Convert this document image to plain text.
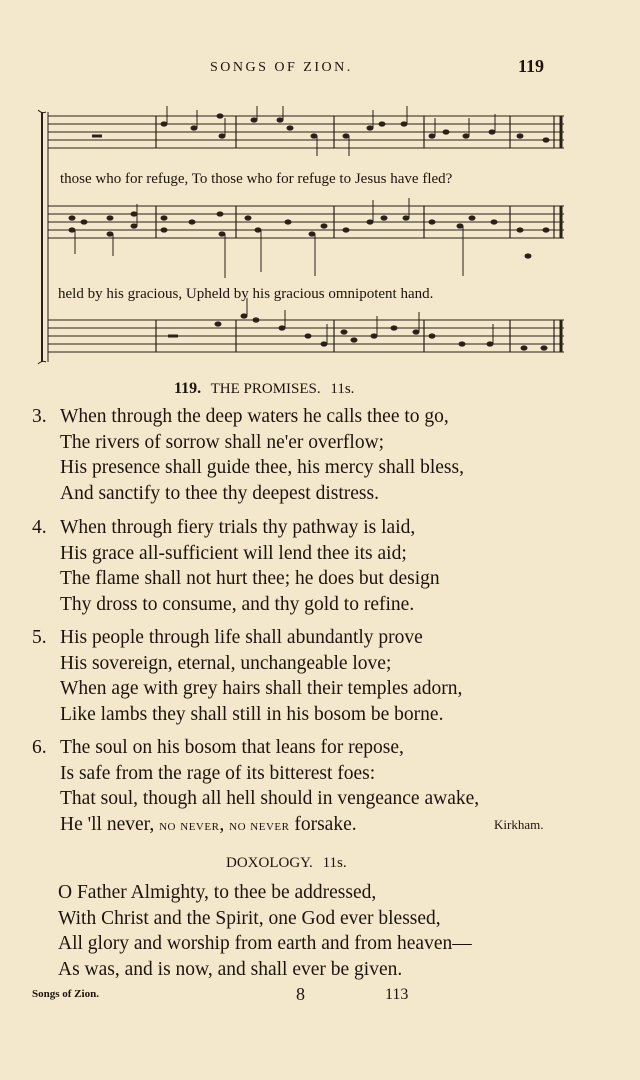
SONGS OF ZION.	119
those who for refuge, To those who for refuge to Jesus have fled?
held by his gracious, Upheld by his gracious omnipotent hand.
119. THE PROMISES. 11s.
3. When through the deep waters he calls thee to go,
The rivers of sorrow shall ne'er overflow;
His presence shall guide thee, his mercy shall bless,
And sanctify to thee thy deepest distress.
4. When through fiery trials thy pathway is laid,
His grace all-sufficient will lend thee its aid;
The flame shall not hurt thee; he does but design
Thy dross to consume, and thy gold to refine.
5. His people through life shall abundantly prove
His sovereign, eternal, unchangeable love;
When age with grey hairs shall their temples adorn,
Like lambs they shall still in his bosom be borne.
6. The soul on his bosom that leans for repose,
Is safe from the rage of its bitterest foes:
That soul, though all hell should in vengeance awake,
He 'll never, no never, no never forsake.	Kirkham.
DOXOLOGY. 11s.
O Father Almighty, to thee be addressed,
With Christ and the Spirit, one God ever blessed,
All glory and worship from earth and from heaven—
As was, and is now, and shall ever be given.
Songs of Zion.	8	113
